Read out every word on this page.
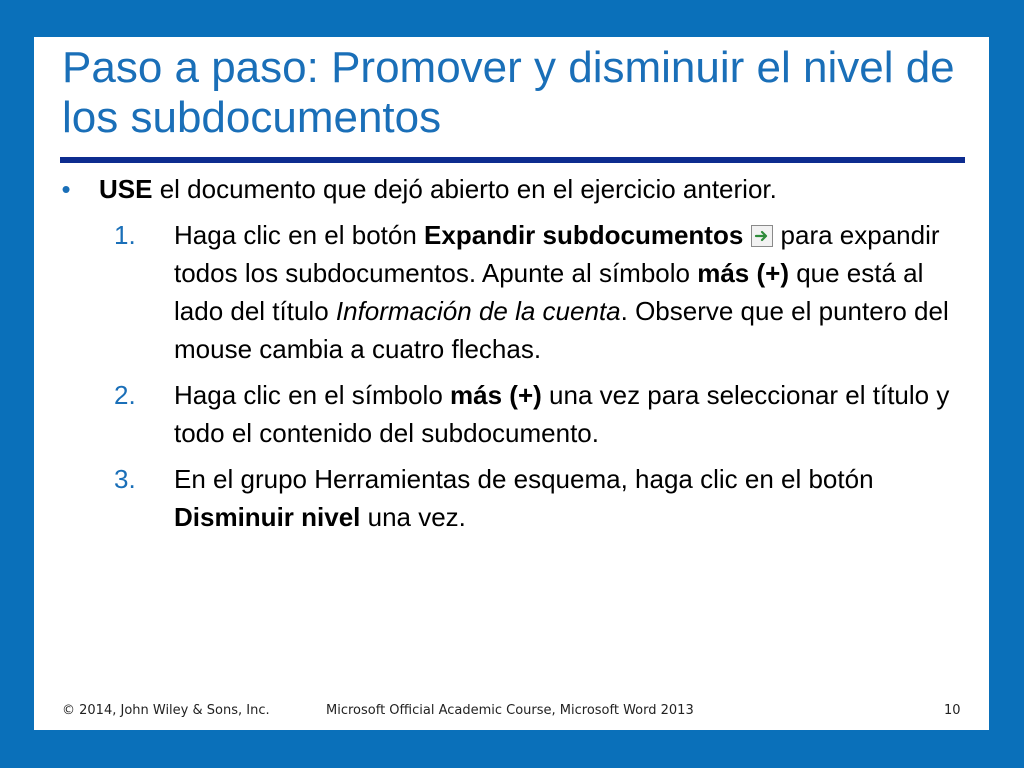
Paso a paso: Promover y disminuir el nivel de los subdocumentos
• USE el documento que dejó abierto en el ejercicio anterior.
1. Haga clic en el botón Expandir subdocumentos
para expandir todos los subdocumentos. Apunte al símbolo más (+) que está al lado del título Información de la cuenta. Observe que el puntero del mouse cambia a cuatro flechas.
2. Haga clic en el símbolo más (+) una vez para seleccionar el título y todo el contenido del subdocumento.
3. En el grupo Herramientas de esquema, haga clic en el botón Disminuir nivel una vez.
© 2014, John Wiley & Sons, Inc.	Microsoft Official Academic Course, Microsoft Word 2013	10
